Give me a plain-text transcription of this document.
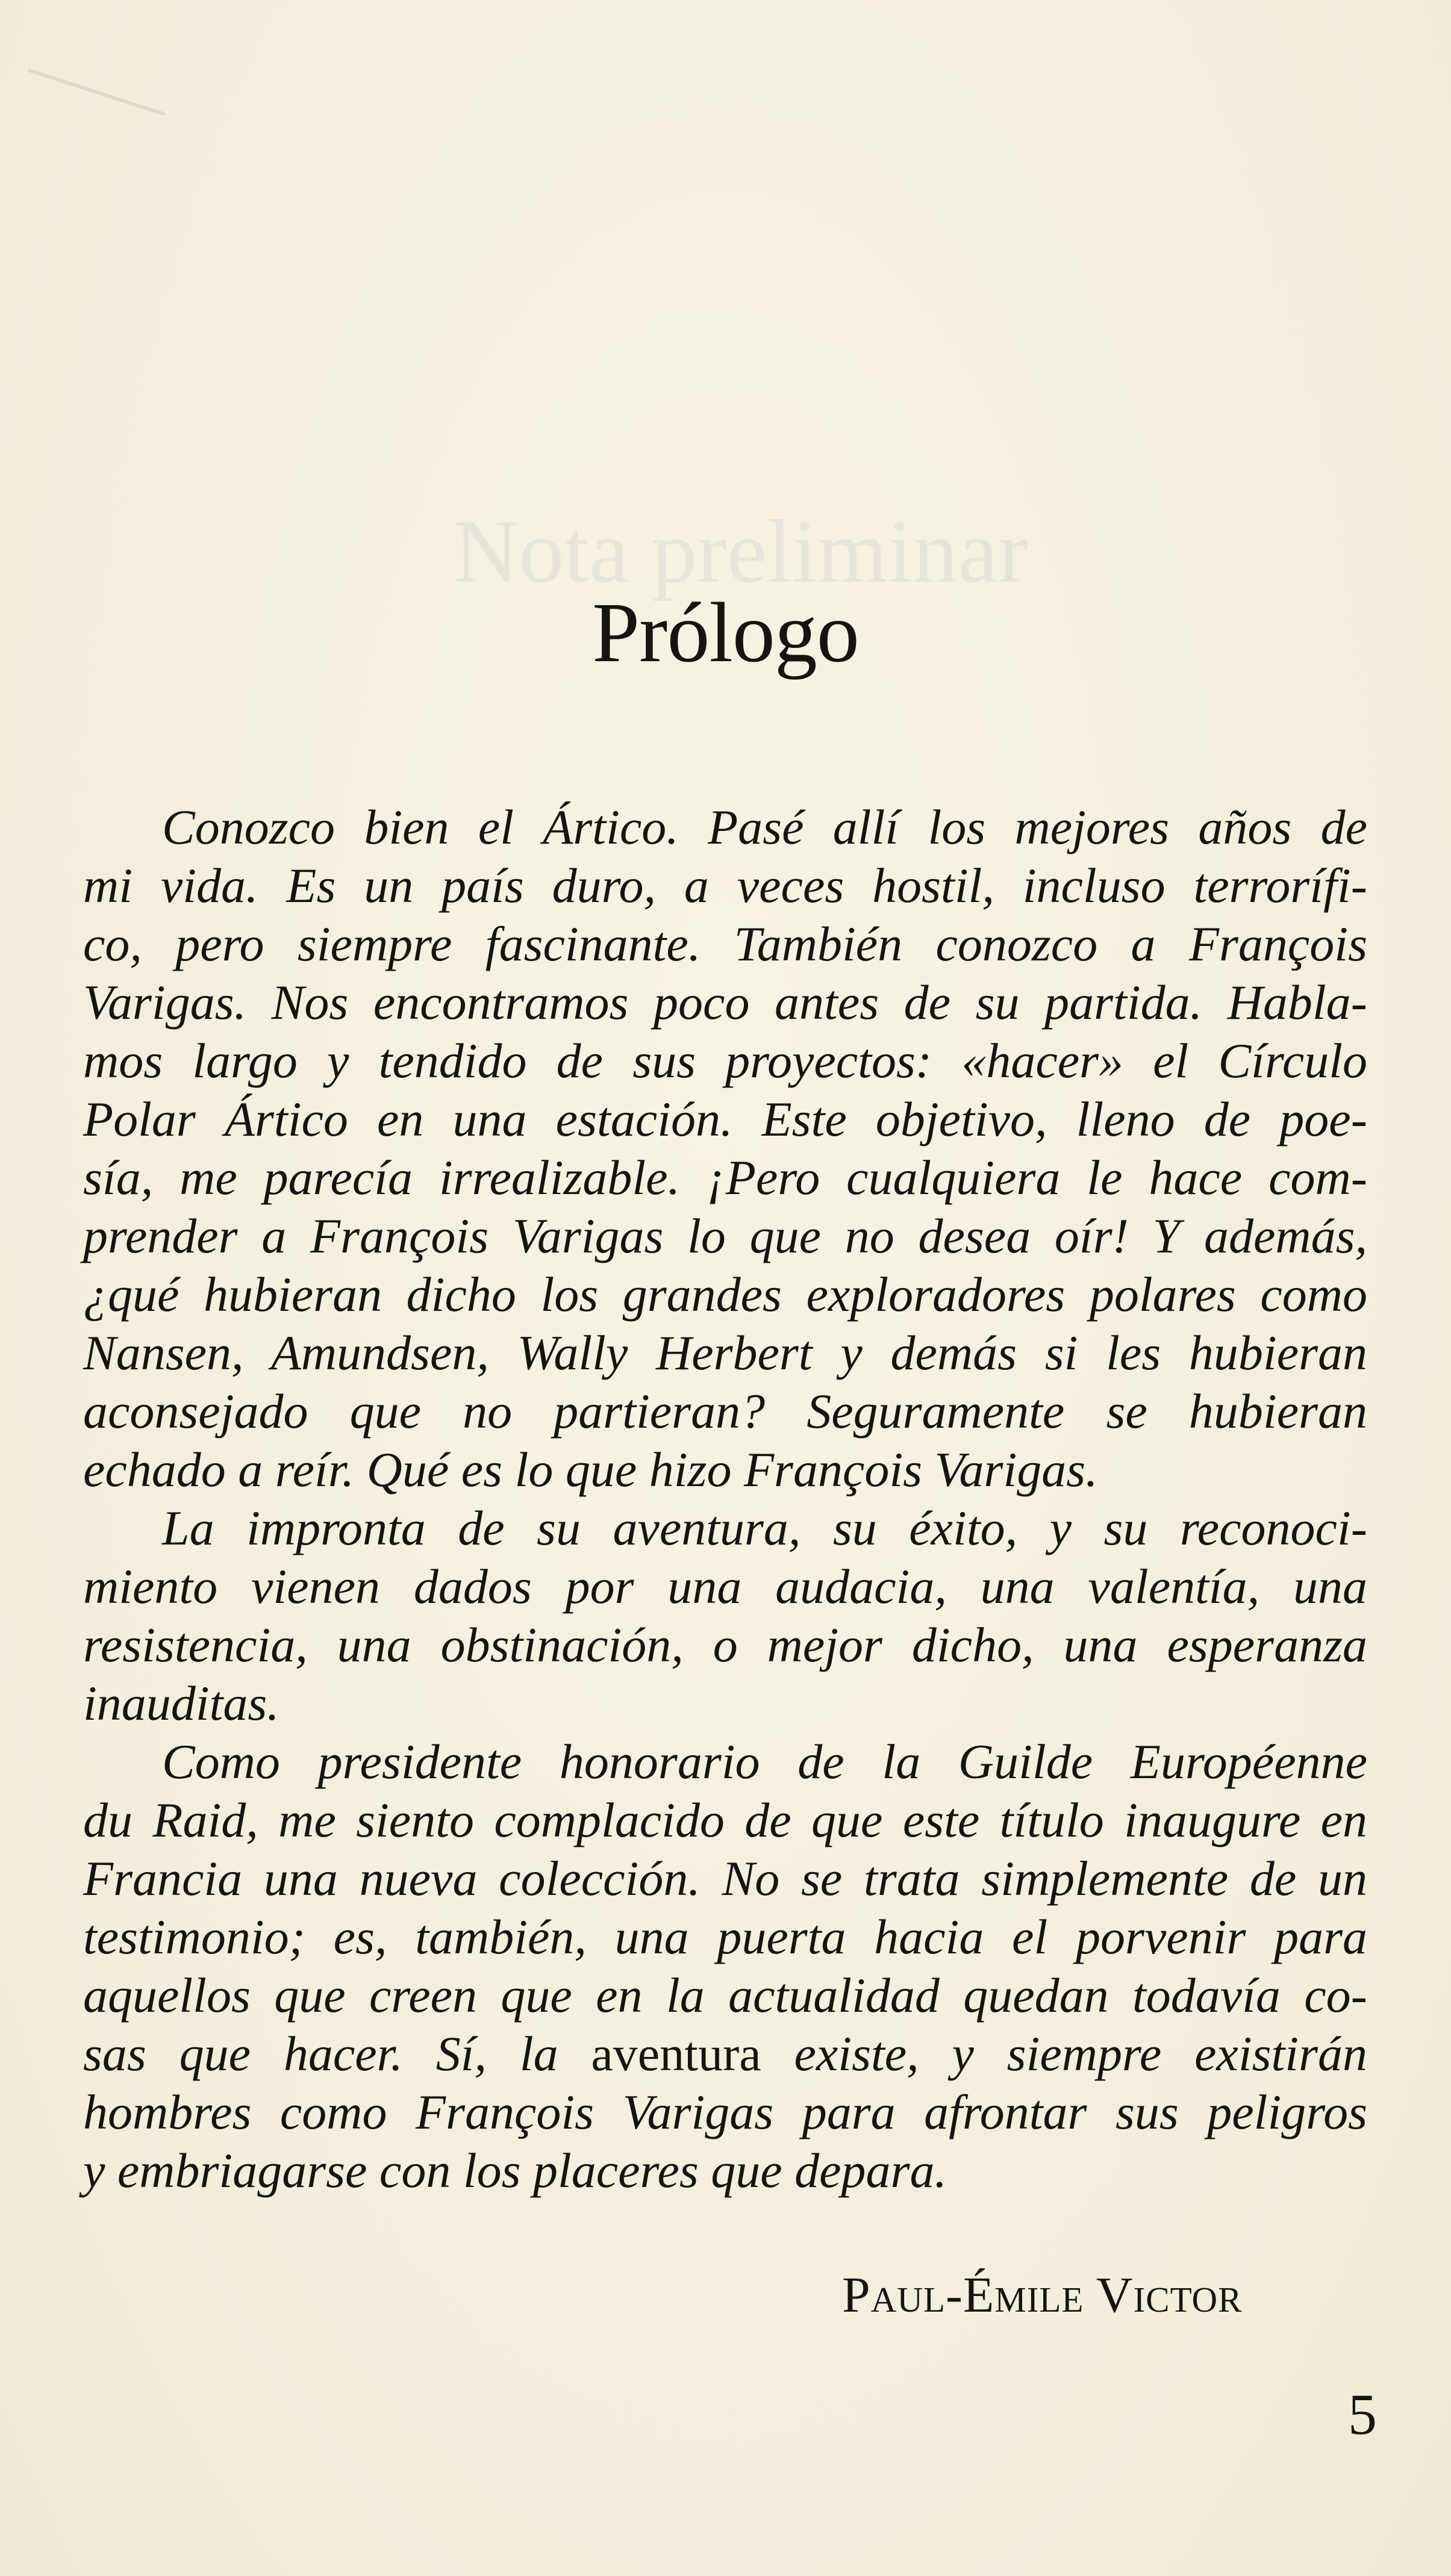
Nota preliminar
Prólogo
Conozco bien el Ártico. Pasé allí los mejores años de
mi vida. Es un país duro, a veces hostil, incluso terrorífi-
co, pero siempre fascinante. También conozco a François
Varigas. Nos encontramos poco antes de su partida. Habla-
mos largo y tendido de sus proyectos: «hacer» el Círculo
Polar Ártico en una estación. Este objetivo, lleno de poe-
sía, me parecía irrealizable. ¡Pero cualquiera le hace com-
prender a François Varigas lo que no desea oír! Y además,
¿qué hubieran dicho los grandes exploradores polares como
Nansen, Amundsen, Wally Herbert y demás si les hubieran
aconsejado que no partieran? Seguramente se hubieran
echado a reír. Qué es lo que hizo François Varigas.
La impronta de su aventura, su éxito, y su reconoci-
miento vienen dados por una audacia, una valentía, una
resistencia, una obstinación, o mejor dicho, una esperanza
inauditas.
Como presidente honorario de la Guilde Européenne
du Raid, me siento complacido de que este título inaugure en
Francia una nueva colección. No se trata simplemente de un
testimonio; es, también, una puerta hacia el porvenir para
aquellos que creen que en la actualidad quedan todavía co-
sas que hacer. Sí, la aventura existe, y siempre existirán
hombres como François Varigas para afrontar sus peligros
y embriagarse con los placeres que depara.
Paul-Émile Victor
5
